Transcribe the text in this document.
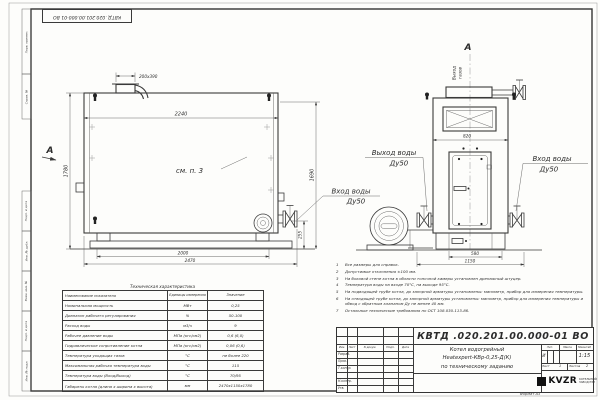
200х390
2240
1780	1690
255
2000
2470
А
см. п. 3
Вход воды
Ду50
А
Выход газов
820
580
1150
Выход воды
Ду50
Вход воды
Ду50
КВТД .020.201.00.000-01 ВО
Перв. примен.
Справ. №
Подп. и дата
Инв. № дубл.
Взам. инв. №
Подп. и дата
Инв. № подл.
Техническая характеристика
Наименование показателя	Единицы измерения	Значение
Номинальная мощность	МВт	0,25
Диапазон рабочего регулирования	%	50-100
Расход воды	м3/ч	9
Рабочее давление воды	МПа (кгс/см2)	0,6 (6,0)
Гидравлическое сопротивление котла	МПа (кгс/см2)	0,06 (0,6)
Температура уходящих газов	°С	не более 220
Максимальная рабочая температура воды	°С	115
Температура воды (Вход/Выход)	°С	70/95
Габариты котла (длина х ширина х высота)	мм	2470х1150х1780
1	Все размеры для справок.
2	Допустимые отклонения ±100 мм.
3	На боковой стене котла в области топочной камеры установлен дренажный штуцер.
4	Температура воды на входе 70°С, на выходе 95°С.
5	На подводящей трубе котла, до запорной арматуры установлены: манометр, прибор для измерения температуры.
6	На отводящей трубе котла, до запорной арматуры установлены: манометр, прибор для измерения температуры и обвод с обратным клапаном Ду не менее 40 мм.
7	Остальные технические требования по ОСТ 108.030.113-86.
КВТД .020.201.00.000-01 ВО
Изм.	Лист	N докум.	Подп.	Дата
Разраб.
Пров.
Т.контр.
Н.контр.
Утв.
Котел водогрейный
Heatexpert-КВр-0,25-Д(К)
по техническому заданию
Лит.	Масса	Масштаб
И	1:15
Лист	1	Листов 2
KVZR КОТЕЛЬНЫЙ
ЗАВОД РЭП
Формат А3
